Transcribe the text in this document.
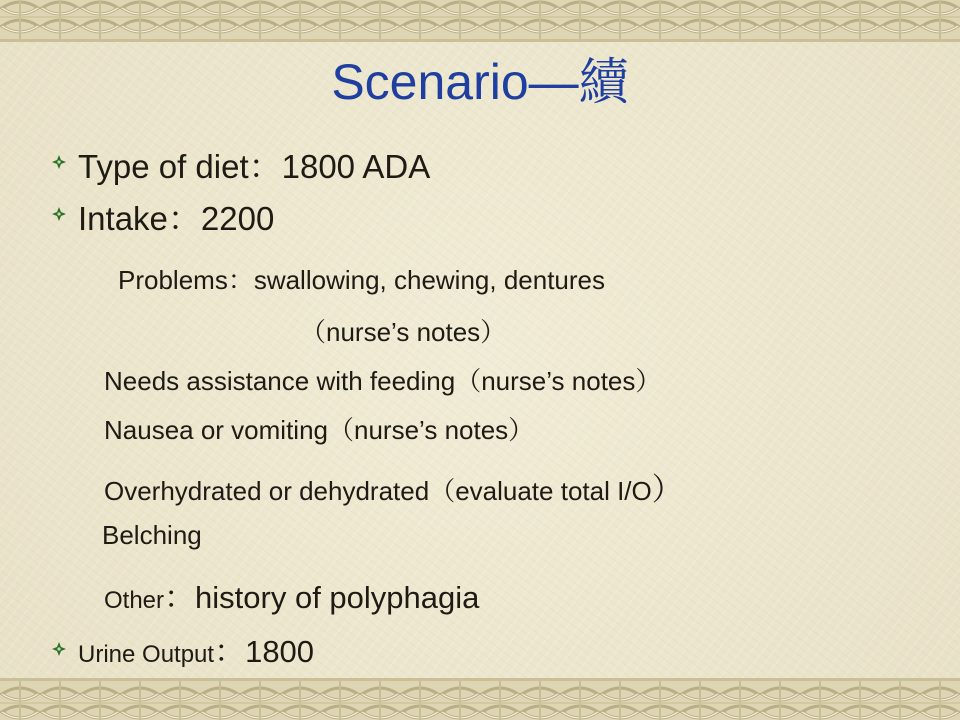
Scenario—續
Type of diet：1800 ADA
Intake：2200
Problems：swallowing, chewing, dentures
（nurse’s notes）
Needs assistance with feeding（nurse’s notes）
Nausea or vomiting（nurse’s notes）
Overhydrated or dehydrated（evaluate total I/O）
Belching
Other：history of polyphagia
Urine Output：1800
